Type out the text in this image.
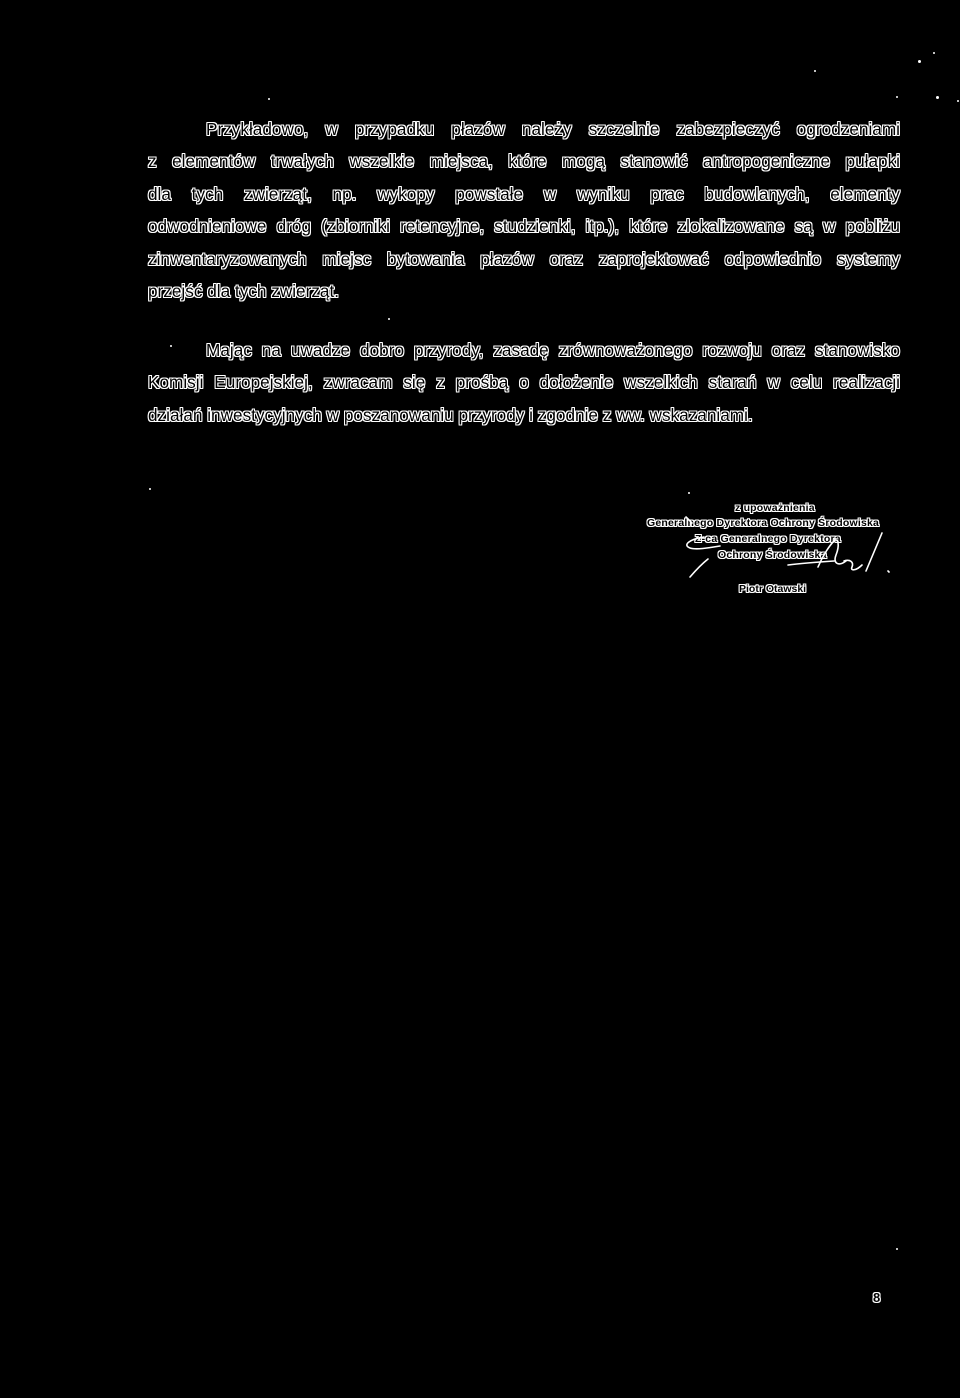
Przykładowo, w przypadku płazów należy szczelnie zabezpieczyć ogrodzeniami
z elementów trwałych wszelkie miejsca, które mogą stanowić antropogeniczne pułapki
dla tych zwierząt, np. wykopy powstałe w wyniku prac budowlanych, elementy
odwodnieniowe dróg (zbiorniki retencyjne, studzienki, itp.), które zlokalizowane są w pobliżu
zinwentaryzowanych miejsc bytowania płazów oraz zaprojektować odpowiednio systemy
przejść dla tych zwierząt.

Mając na uwadze dobro przyrody, zasadę zrównoważonego rozwoju oraz stanowisko
Komisji Europejskiej, zwracam się z prośbą o dołożenie wszelkich starań w celu realizacji
działań inwestycyjnych w poszanowaniu przyrody i zgodnie z ww. wskazaniami.

z upoważnienia
Generalnego Dyrektora Ochrony Środowiska
Z-ca Generalnego Dyrektora
Ochrony Środowiska
Piotr Otawski
8
